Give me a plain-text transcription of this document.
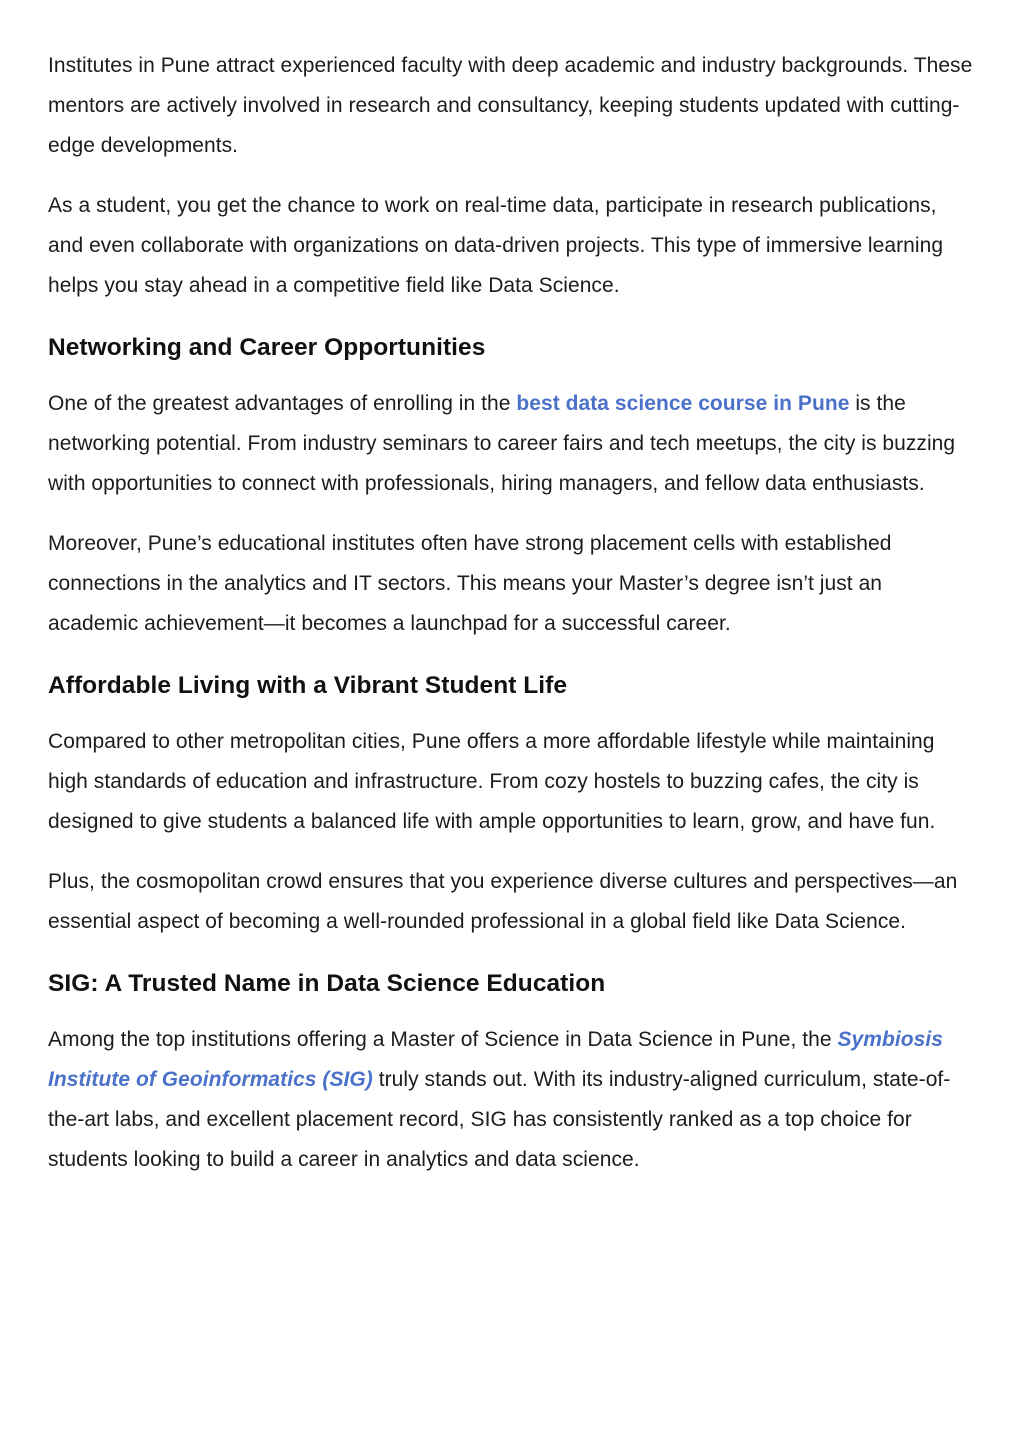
Institutes in Pune attract experienced faculty with deep academic and industry backgrounds. These mentors are actively involved in research and consultancy, keeping students updated with cutting-edge developments.

As a student, you get the chance to work on real-time data, participate in research publications, and even collaborate with organizations on data-driven projects. This type of immersive learning helps you stay ahead in a competitive field like Data Science.

Networking and Career Opportunities

One of the greatest advantages of enrolling in the best data science course in Pune is the networking potential. From industry seminars to career fairs and tech meetups, the city is buzzing with opportunities to connect with professionals, hiring managers, and fellow data enthusiasts.

Moreover, Pune’s educational institutes often have strong placement cells with established connections in the analytics and IT sectors. This means your Master’s degree isn’t just an academic achievement—it becomes a launchpad for a successful career.

Affordable Living with a Vibrant Student Life

Compared to other metropolitan cities, Pune offers a more affordable lifestyle while maintaining high standards of education and infrastructure. From cozy hostels to buzzing cafes, the city is designed to give students a balanced life with ample opportunities to learn, grow, and have fun.

Plus, the cosmopolitan crowd ensures that you experience diverse cultures and perspectives—an essential aspect of becoming a well-rounded professional in a global field like Data Science.

SIG: A Trusted Name in Data Science Education

Among the top institutions offering a Master of Science in Data Science in Pune, the Symbiosis Institute of Geoinformatics (SIG) truly stands out. With its industry-aligned curriculum, state-of-the-art labs, and excellent placement record, SIG has consistently ranked as a top choice for students looking to build a career in analytics and data science.
